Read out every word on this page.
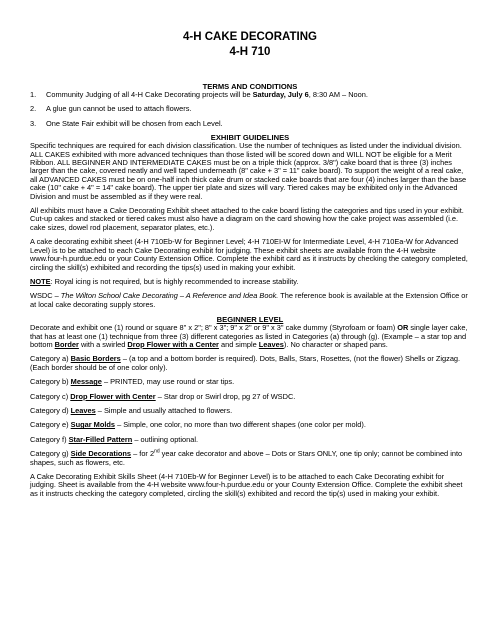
4-H CAKE DECORATING
4-H 710
TERMS AND CONDITIONS
1.	Community Judging of all 4-H Cake Decorating projects will be Saturday, July 6, 8:30 AM – Noon.
2.	A glue gun cannot be used to attach flowers.
3.	One State Fair exhibit will be chosen from each Level.
EXHIBIT GUIDELINES

Specific techniques are required for each division classification. Use the number of techniques as listed under the individual division. ALL CAKES exhibited with more advanced techniques than those listed will be scored down and WILL NOT be eligible for a Merit Ribbon. ALL BEGINNER AND INTERMEDIATE CAKES must be on a triple thick (approx. 3/8") cake board that is three (3) inches larger than the cake, covered neatly and well taped underneath (8" cake + 3" = 11" cake board). To support the weight of a real cake, all ADVANCED CAKES must be on one-half inch thick cake drum or stacked cake boards that are four (4) inches larger than the base cake (10" cake + 4" = 14" cake board). The upper tier plate and sizes will vary. Tiered cakes may be exhibited only in the Advanced Division and must be assembled as if they were real.

All exhibits must have a Cake Decorating Exhibit sheet attached to the cake board listing the categories and tips used in your exhibit. Cut-up cakes and stacked or tiered cakes must also have a diagram on the card showing how the cake project was assembled (i.e. cake sizes, dowel rod placement, separator plates, etc.).

A cake decorating exhibit sheet (4-H 710Eb-W for Beginner Level; 4-H 710EI-W for Intermediate Level, 4-H 710Ea-W for Advanced Level) is to be attached to each Cake Decorating exhibit for judging. These exhibit sheets are available from the 4-H website www.four-h.purdue.edu or your County Extension Office. Complete the exhibit card as it instructs by checking the category completed, circling the skill(s) exhibited and recording the tips(s) used in making your exhibit.

NOTE: Royal icing is not required, but is highly recommended to increase stability.

WSDC – The Wilton School Cake Decorating – A Reference and Idea Book. The reference book is available at the Extension Office or at local cake decorating supply stores.

BEGINNER LEVEL

Decorate and exhibit one (1) round or square 8" x 2"; 8" x 3"; 9" x 2" or 9" x 3" cake dummy (Styrofoam or foam) OR single layer cake, that has at least one (1) technique from three (3) different categories as listed in Categories (a) through (g). (Example – a star top and bottom Border with a swirled Drop Flower with a Center and simple Leaves). No character or shaped pans.

Category a) Basic Borders – (a top and a bottom border is required). Dots, Balls, Stars, Rosettes, (not the flower) Shells or Zigzag. (Each border should be of one color only).

Category b) Message – PRINTED, may use round or star tips.

Category c) Drop Flower with Center – Star drop or Swirl drop, pg 27 of WSDC.

Category d) Leaves – Simple and usually attached to flowers.

Category e) Sugar Molds – Simple, one color, no more than two different shapes (one color per mold).

Category f) Star-Filled Pattern – outlining optional.

Category g) Side Decorations – for 2nd year cake decorator and above – Dots or Stars ONLY, one tip only; cannot be combined into shapes, such as flowers, etc.

A Cake Decorating Exhibit Skills Sheet (4-H 710Eb-W for Beginner Level) is to be attached to each Cake Decorating exhibit for judging. Sheet is available from the 4-H website www.four-h.purdue.edu or your County Extension Office. Complete the exhibit sheet as it instructs checking the category completed, circling the skill(s) exhibited and record the tip(s) used in making your exhibit.
